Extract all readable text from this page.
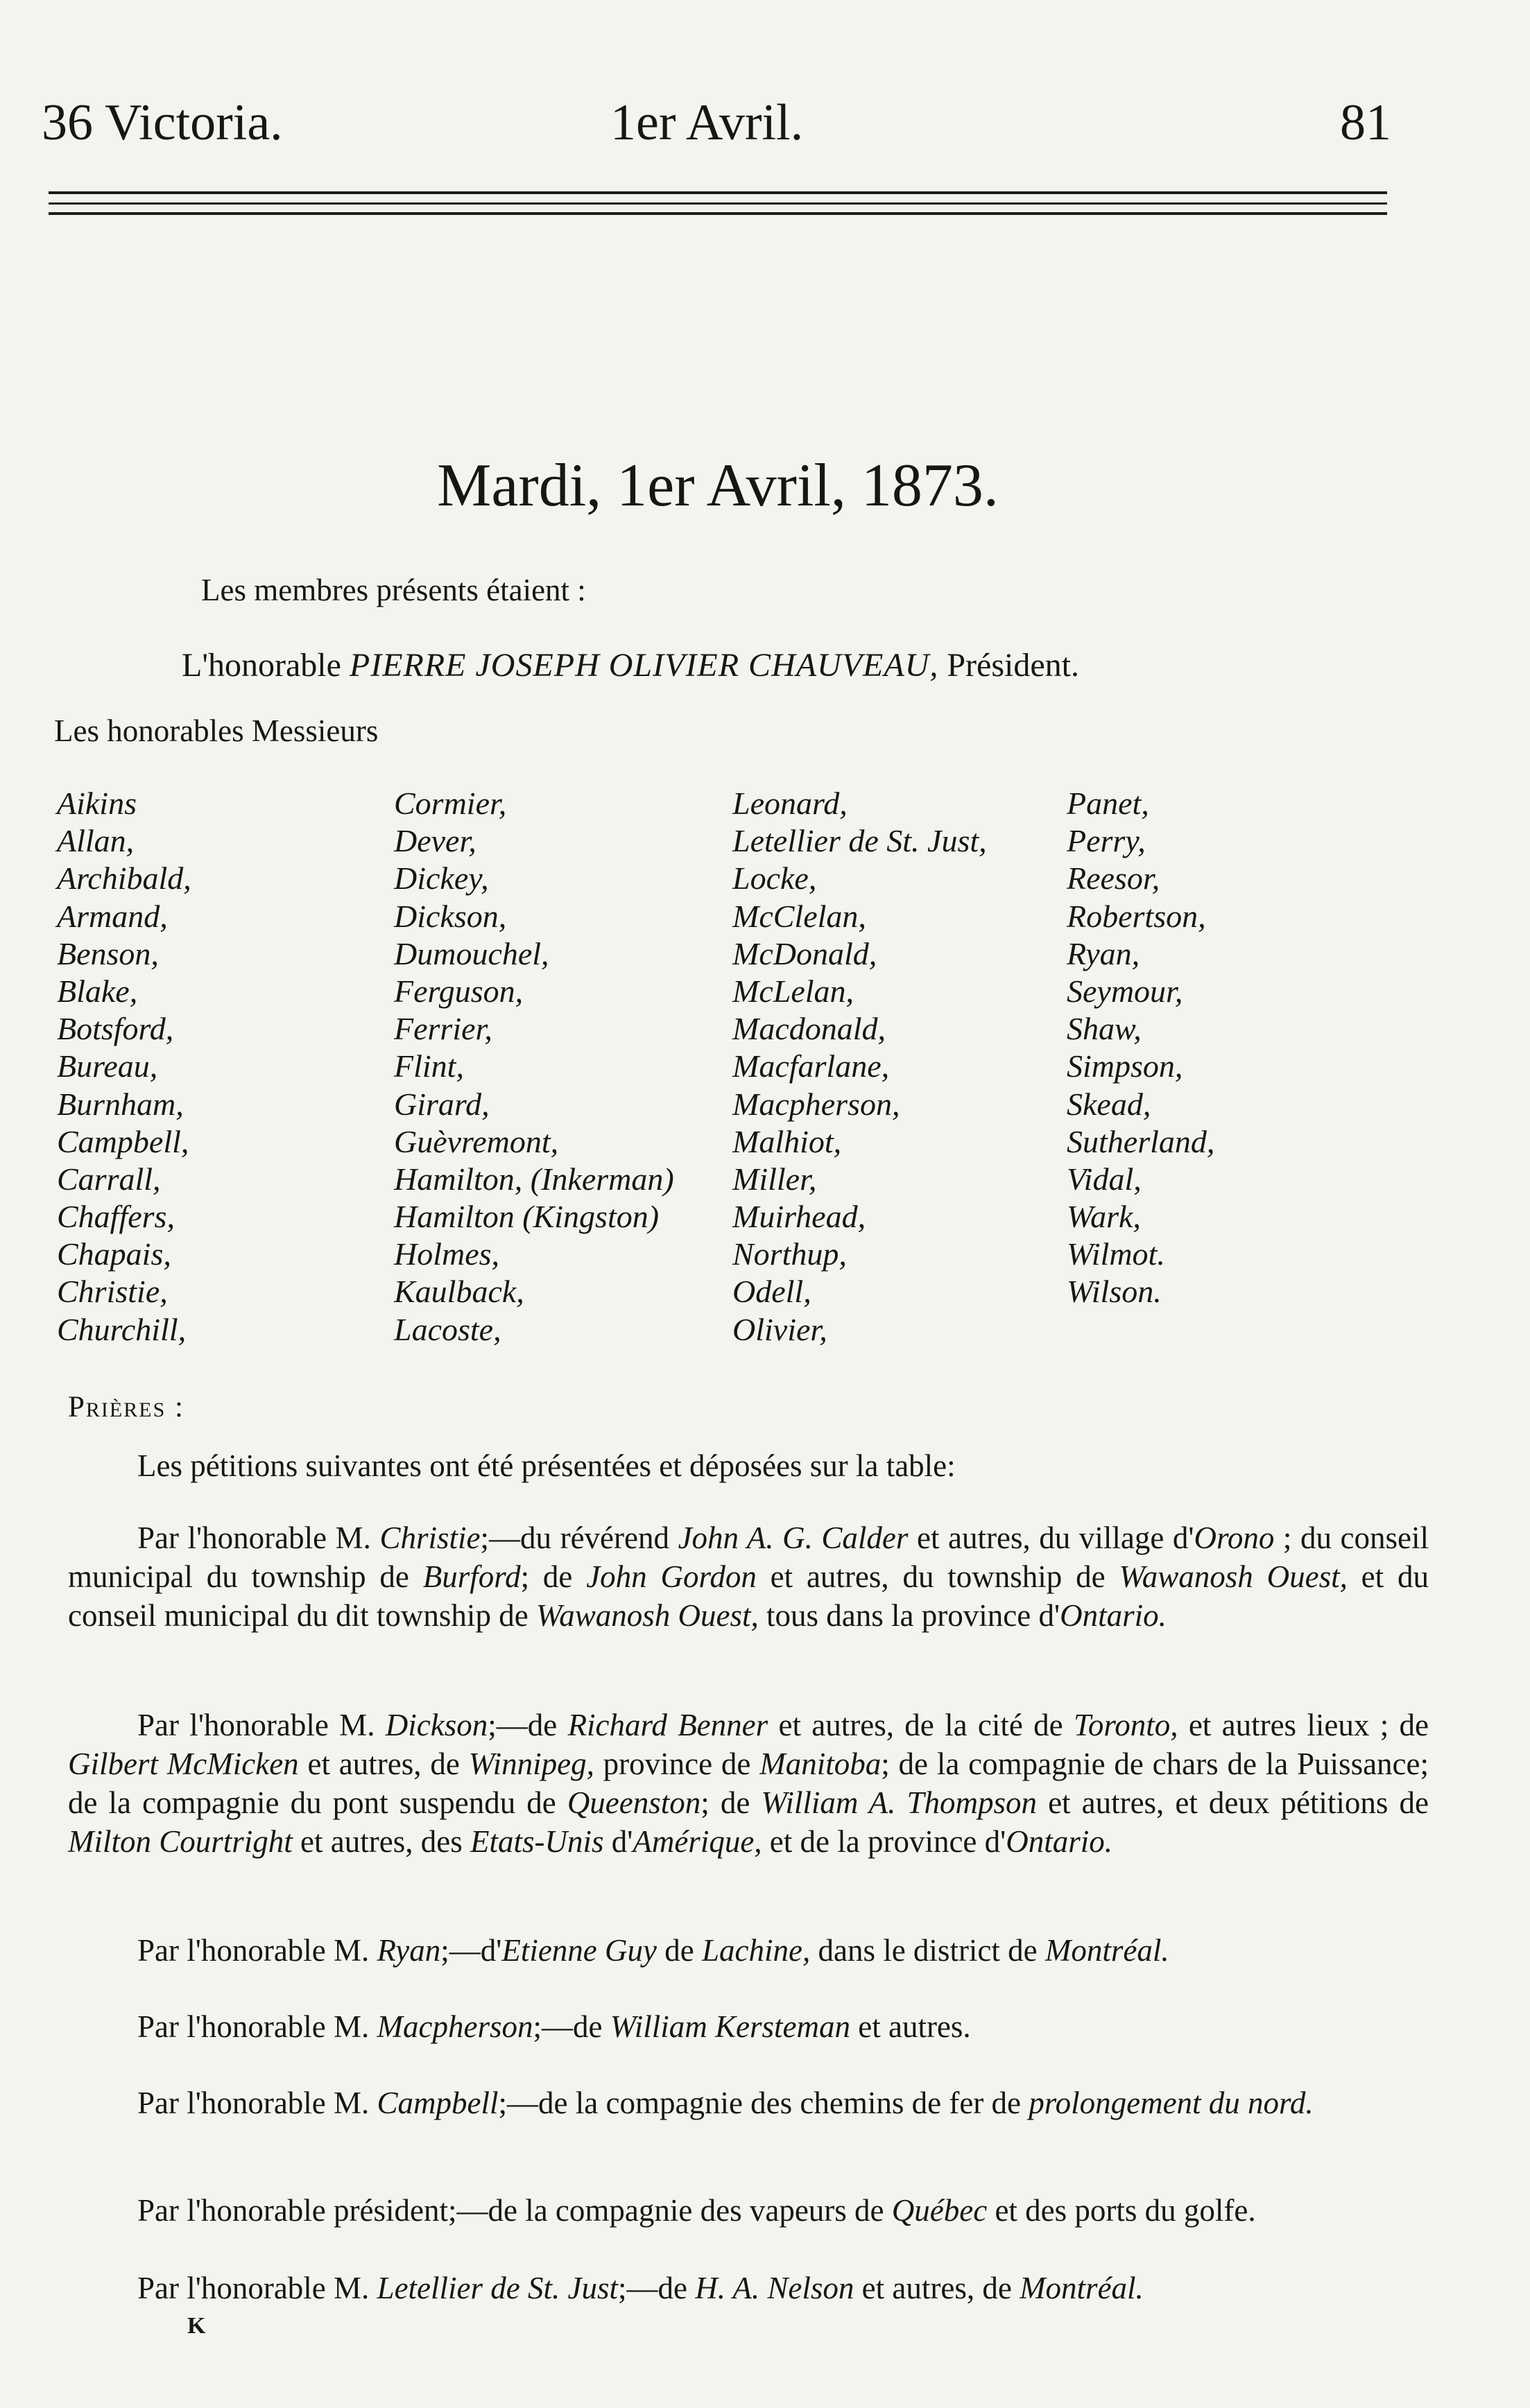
36 Victoria.	1er Avril.	81
Mardi, 1er Avril, 1873.
Les membres présents étaient :
L'honorable PIERRE JOSEPH OLIVIER CHAUVEAU, Président.
Les honorables Messieurs
Aikins
Allan,
Archibald,
Armand,
Benson,
Blake,
Botsford,
Bureau,
Burnham,
Campbell,
Carrall,
Chaffers,
Chapais,
Christie,
Churchill,
Cormier,
Dever,
Dickey,
Dickson,
Dumouchel,
Ferguson,
Ferrier,
Flint,
Girard,
Guèvremont,
Hamilton, (Inkerman)
Hamilton (Kingston)
Holmes,
Kaulback,
Lacoste,
Leonard,
Letellier de St. Just,
Locke,
McClelan,
McDonald,
McLelan,
Macdonald,
Macfarlane,
Macpherson,
Malhiot,
Miller,
Muirhead,
Northup,
Odell,
Olivier,
Panet,
Perry,
Reesor,
Robertson,
Ryan,
Seymour,
Shaw,
Simpson,
Skead,
Sutherland,
Vidal,
Wark,
Wilmot.
Wilson.
Prières :
Les pétitions suivantes ont été présentées et déposées sur la table:
Par l'honorable M. Christie;—du révérend John A. G. Calder et autres, du village d'Orono ; du conseil municipal du township de Burford; de John Gordon et autres, du township de Wawanosh Ouest, et du conseil municipal du dit township de Wawanosh Ouest, tous dans la province d'Ontario.
Par l'honorable M. Dickson;—de Richard Benner et autres, de la cité de Toronto, et autres lieux ; de Gilbert McMicken et autres, de Winnipeg, province de Manitoba; de la compagnie de chars de la Puissance; de la compagnie du pont suspendu de Queenston; de William A. Thompson et autres, et deux pétitions de Milton Courtright et autres, des Etats-Unis d'Amérique, et de la province d'Ontario.
Par l'honorable M. Ryan;—d'Etienne Guy de Lachine, dans le district de Montréal.
Par l'honorable M. Macpherson;—de William Kersteman et autres.
Par l'honorable M. Campbell;—de la compagnie des chemins de fer de prolongement du nord.
Par l'honorable président;—de la compagnie des vapeurs de Québec et des ports du golfe.
Par l'honorable M. Letellier de St. Just;—de H. A. Nelson et autres, de Montréal.
K
